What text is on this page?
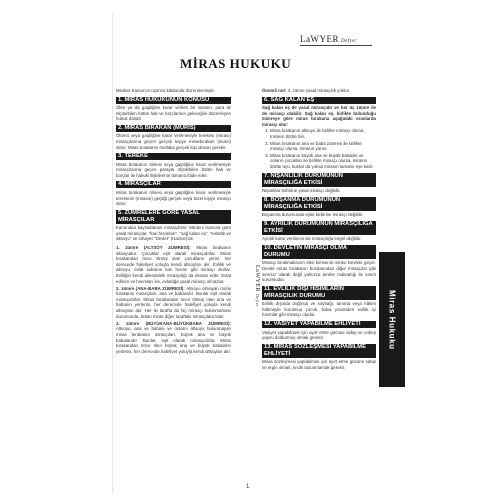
LaWYER Defter
MİRAS HUKUKU
Medeni Kanun'un üçüncü kitabında düzenlenmiştir.
1. MİRAS HUKUKUNUN KONUSU
Ölen ya da gaipliğine karar verilen bir insanın, para ile ölçülebilen bütün hak ve borçlarının geleceğini düzenleyen hukuk dalıdır.
2. MİRAS BIRAKAN (MURİS)
Ölümü veya gaipliğine karar verilmesiyle terekesi (mirası) mirasçılarına geçen gerçek kişiye mirasbırakan (muris) denir. Miras bırakanın mutlaka gerçek kişi olması gerekir.
3. TEREKE
Miras bırakanın ölmesi veya gaipliğine karar verilmesiyle mirasçılarına geçen parayla ölçülebilen bütün hak ve borçlar ile hukuki ilişkilerinin tümünü ifade eder.
4. MİRASÇILAR
Miras bırakanın ölmesi veya gaipliğine karar verilmesiyle terekenin (mirasın) geçtiği gerçek veya tüzel kişiye mirasçı denir.
5. ZÜMRELERE GÖRE YASAL MİRASÇILAR
Kanundan kaynaklanan mirasçılıktır. Medeni Kanuna göre yasal mirasçılar, "kan hısımları", "sağ kalan eş", "evlatlık ve altsoyu" ve nihayet "Devlet" (Hazine)'dir.
1. zümre (ALTSOY ZÜMRESİ): Miras bırakanın altsoyudur. Çocuklar eşit olarak mirasçıdırlar. Miras bırakandan önce ölmüş olan çocukların yerini, her derecede halefiyet yoluyla kendi altsoyları alır. Evlilik ve altsoyu, evlat edinene kan hısımı gibi mirasçı olurlar. Evliliğin kendi ailesindeki mirasçılığı da devam eder. Evlat edinen ve hısımları ise, evlatlığa yasal mirasçı olmazlar.
2. zümre (ANA-BABA ZÜMRESİ): Altsoyu olmayan miras bırakanın mirasçıları, ana ve babasıdır. Bunlar eşit olarak mirasçıdırlar. Miras bırakandan önce ölmüş olan ana ve babanın yerlerini, her derecede halefiyet yoluyla kendi altsoyları alır. Her iki tarafta da hiç mirasçı bulunmaması durumunda, bütün miras diğer taraftaki mirasçılara kalır.
3. zümre (BÜYÜKANA-BÜYÜKBABA ZÜMRESİ): Altsoyu, ana ve babası ve onların altsoyu bulunmayan miras bırakanın mirasçıları, büyük ana ve büyük babalarıdır. Bunlar, eşit olarak mirasçıdırlar. Miras bırakandan önce ölen büyük ana ve büyük babaların yerlerini, her derecede halefiyet yoluyla kendi altsoyları alır.
LaWYER Defter
Önemli not: 4. zümre yasal mirasçılık yoktur.
6. SAĞ KALAN EŞ
Sağ kalan eş de yasal mirasçıdır ve her üç zümre ile de mirasçı olabilir. Sağ kalan eş, birlikte bulunduğu zümreye göre miras bırakana aşağıdaki oranlarda mirasçı olur:
1. Miras bırakanın altsoyu ile birlikte mirasçı olursa, mirasın dörtte biri,
2. Miras bırakanın ana ve baba zümresi ile birlikte mirasçı olursa, mirasın yarısı,
3. Miras bırakanın büyük ana ve büyük babaları ve onların çocukları ile birlikte mirasçı olursa, mirasın dörtte üçü, bunlar da yoksa mirasın tamamı eşe kalır.
7. NİŞANLILIK DURUMUNUN MİRASÇILIĞA ETKİSİ
Nişanlılar birbirine yasal mirasçı değildir.
8. BOŞANMA DURUMUNUN MİRASÇILIĞA ETKİSİ
Boşanma durumunda eşler birbirine mirasçı değildir.
9. AYRILIK DURUMUNUN MİRASÇILIĞA ETKİSİ
Ayrılık karar verilmesi ise mirasçılığa engel değildir.
10. DEVLETİN MİRASÇI OLMA DURUMU
Mirasçı bırakmaksızın ölen kimsenin mirası Devlete geçer. Devlet miras bırakanın borçlarından diğer mirasçılar gibi sınırsız olarak değil yalnızca tereke malvarlığı ile sınırlı sorumludur.
11. EVLİLİK DIŞI HISIMLARIN MİRASÇILIK DURUMU
Evlilik dışında doğmuş ve soybağı, tanıma veya hâkim hükmüyle kurulmuş çocuk, baba yönünden evlilik içi hısımlar gibi mirasçı olurlar.
12. VASİYET YAPABİLME EHLİYETİ
Vasiyet yapabilmek için ayırt etme gücüne sahip ve onbeş yaşını doldurmuş olmak gerekir.
13. MİRAS SÖZLEŞMESİ YAPABİLME EHLİYETİ
Miras sözleşmesi yapabilmek için ayırt etme gücüne sahip ve ergin olmak, kısıtlı bulunmamak gerekir.
Miras Hukuku
1
